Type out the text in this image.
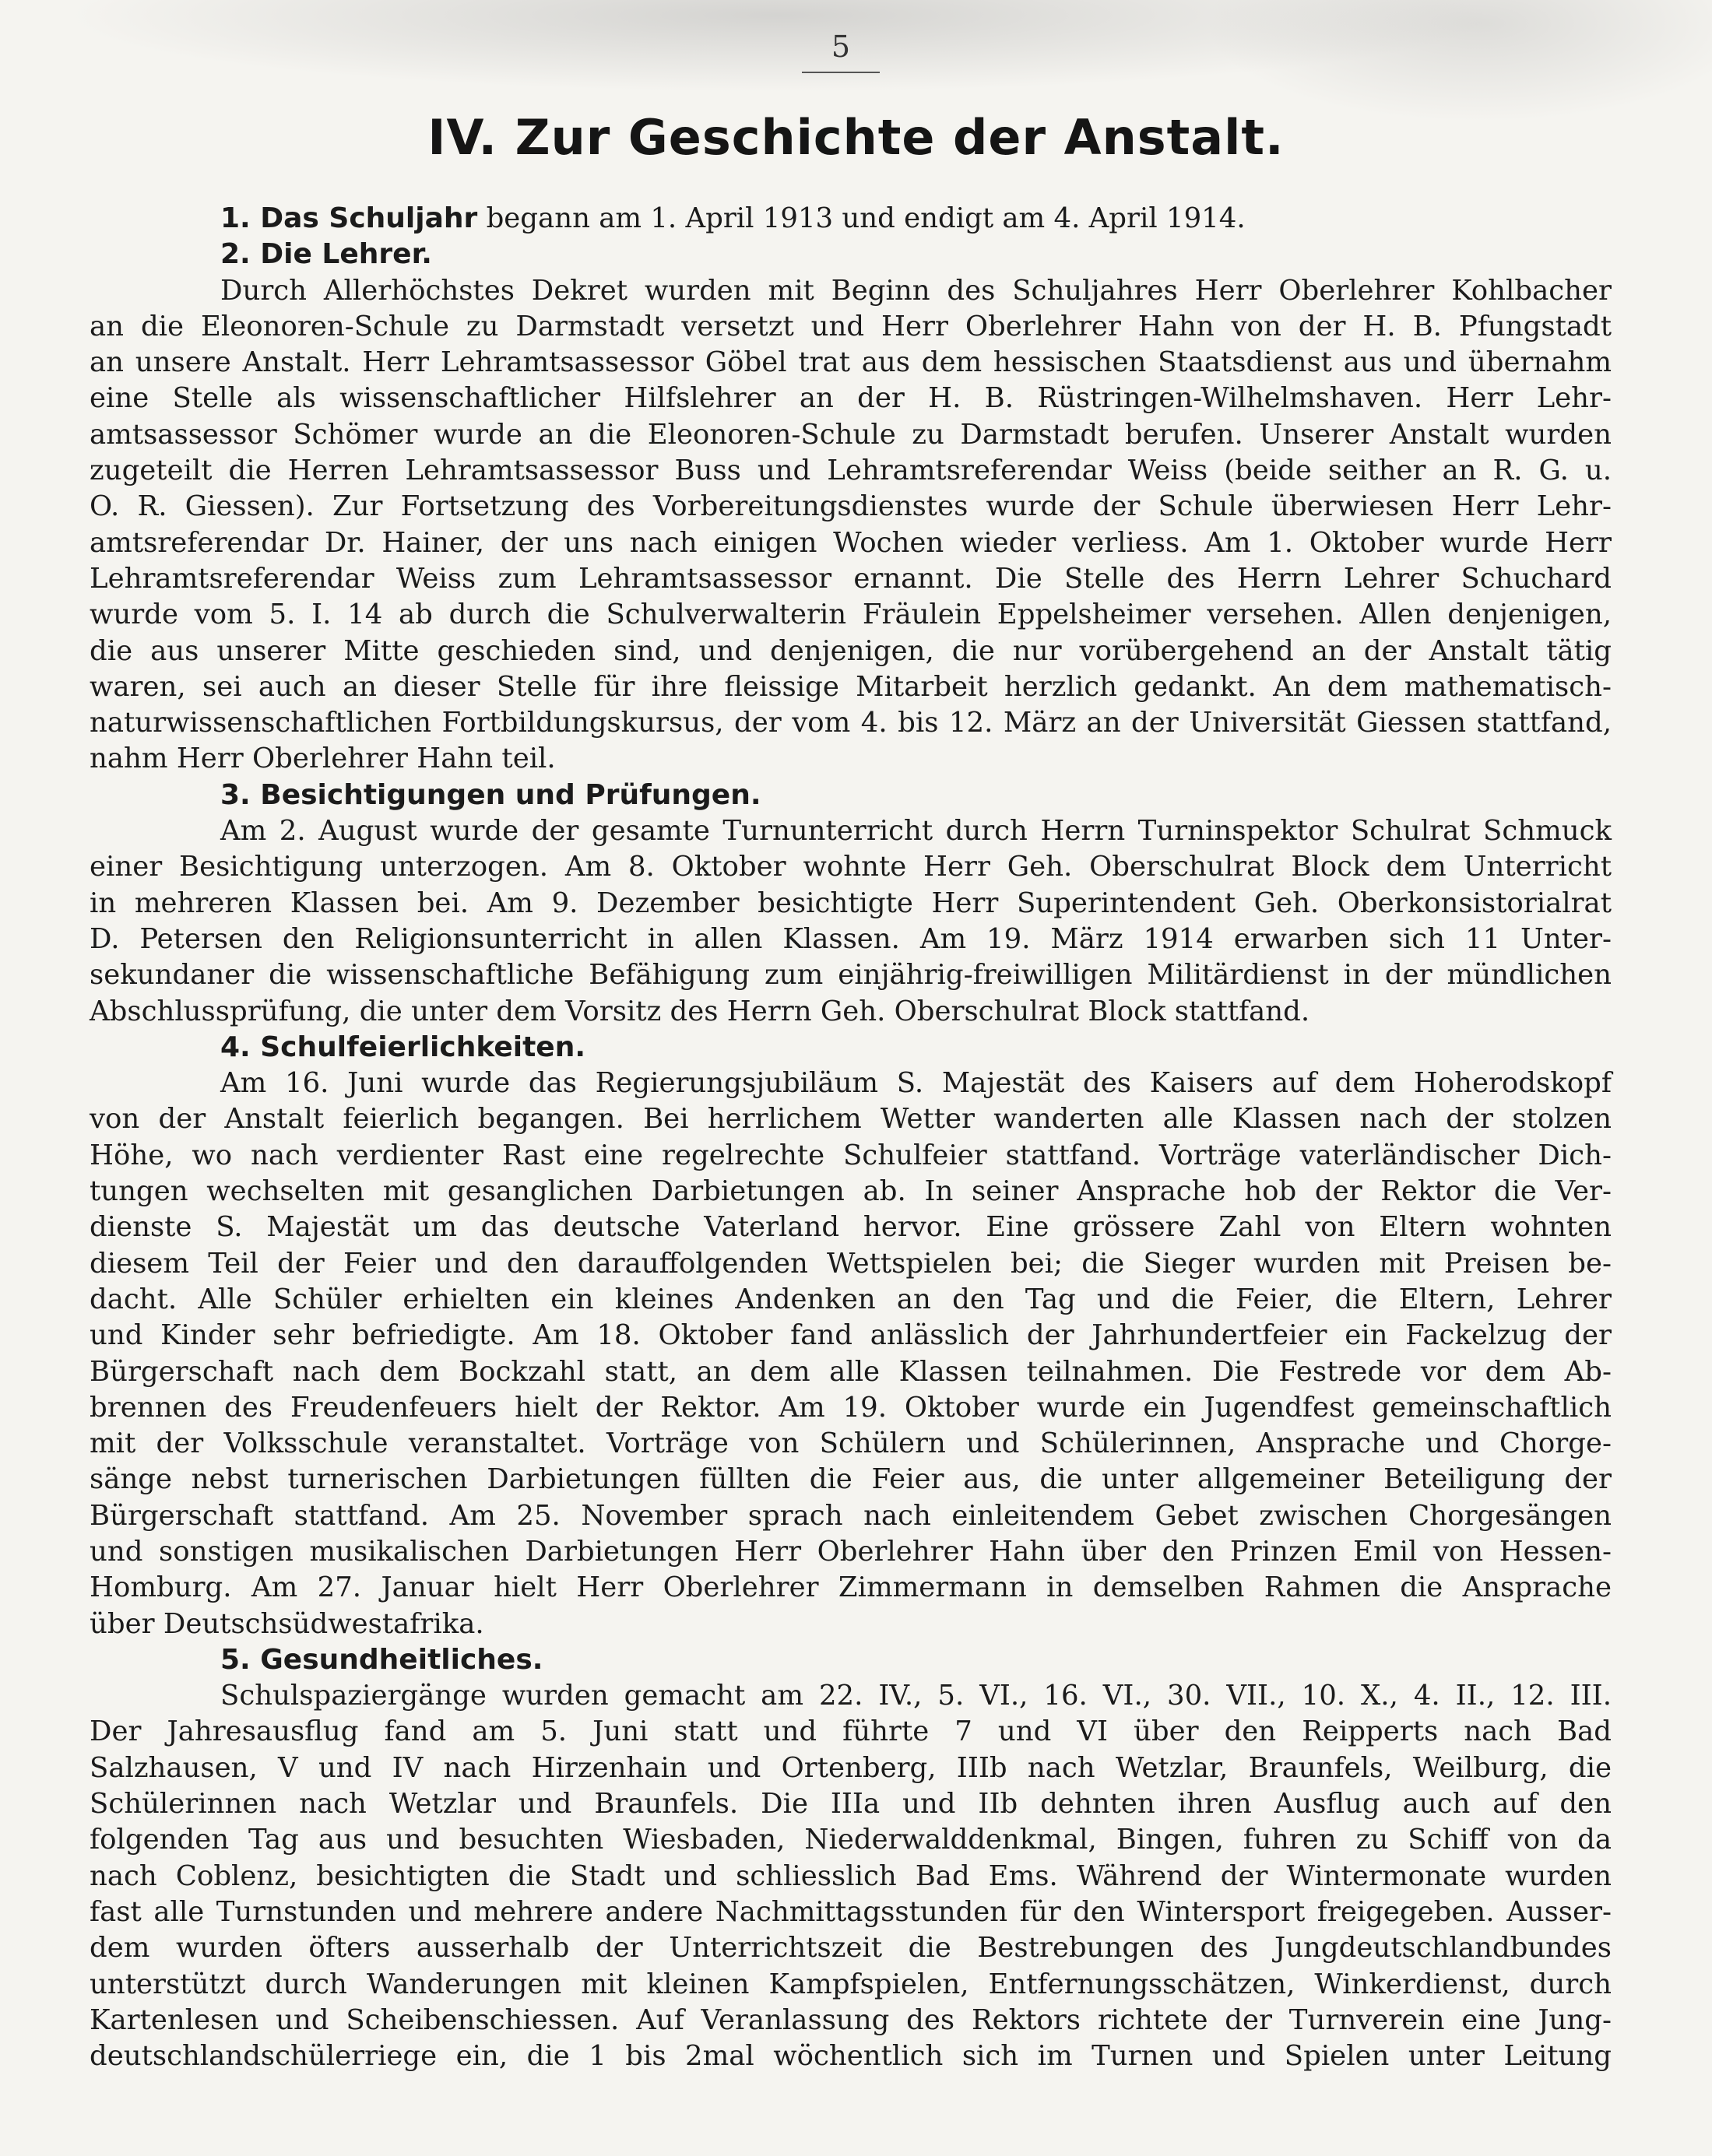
5
IV. Zur Geschichte der Anstalt.
1. Das Schuljahr begann am 1. April 1913 und endigt am 4. April 1914.
2. Die Lehrer.
Durch Allerhöchstes Dekret wurden mit Beginn des Schuljahres Herr Oberlehrer Kohlbacher
an die Eleonoren-Schule zu Darmstadt versetzt und Herr Oberlehrer Hahn von der H. B. Pfungstadt
an unsere Anstalt. Herr Lehramtsassessor Göbel trat aus dem hessischen Staatsdienst aus und übernahm
eine Stelle als wissenschaftlicher Hilfslehrer an der H. B. Rüstringen-Wilhelmshaven. Herr Lehr-
amtsassessor Schömer wurde an die Eleonoren-Schule zu Darmstadt berufen. Unserer Anstalt wurden
zugeteilt die Herren Lehramtsassessor Buss und Lehramtsreferendar Weiss (beide seither an R. G. u.
O. R. Giessen). Zur Fortsetzung des Vorbereitungsdienstes wurde der Schule überwiesen Herr Lehr-
amtsreferendar Dr. Hainer, der uns nach einigen Wochen wieder verliess. Am 1. Oktober wurde Herr
Lehramtsreferendar Weiss zum Lehramtsassessor ernannt. Die Stelle des Herrn Lehrer Schuchard
wurde vom 5. I. 14 ab durch die Schulverwalterin Fräulein Eppelsheimer versehen. Allen denjenigen,
die aus unserer Mitte geschieden sind, und denjenigen, die nur vorübergehend an der Anstalt tätig
waren, sei auch an dieser Stelle für ihre fleissige Mitarbeit herzlich gedankt. An dem mathematisch-
naturwissenschaftlichen Fortbildungskursus, der vom 4. bis 12. März an der Universität Giessen stattfand,
nahm Herr Oberlehrer Hahn teil.
3. Besichtigungen und Prüfungen.
Am 2. August wurde der gesamte Turnunterricht durch Herrn Turninspektor Schulrat Schmuck
einer Besichtigung unterzogen. Am 8. Oktober wohnte Herr Geh. Oberschulrat Block dem Unterricht
in mehreren Klassen bei. Am 9. Dezember besichtigte Herr Superintendent Geh. Oberkonsistorialrat
D. Petersen den Religionsunterricht in allen Klassen. Am 19. März 1914 erwarben sich 11 Unter-
sekundaner die wissenschaftliche Befähigung zum einjährig-freiwilligen Militärdienst in der mündlichen
Abschlussprüfung, die unter dem Vorsitz des Herrn Geh. Oberschulrat Block stattfand.
4. Schulfeierlichkeiten.
Am 16. Juni wurde das Regierungsjubiläum S. Majestät des Kaisers auf dem Hoherodskopf
von der Anstalt feierlich begangen. Bei herrlichem Wetter wanderten alle Klassen nach der stolzen
Höhe, wo nach verdienter Rast eine regelrechte Schulfeier stattfand. Vorträge vaterländischer Dich-
tungen wechselten mit gesanglichen Darbietungen ab. In seiner Ansprache hob der Rektor die Ver-
dienste S. Majestät um das deutsche Vaterland hervor. Eine grössere Zahl von Eltern wohnten
diesem Teil der Feier und den darauffolgenden Wettspielen bei; die Sieger wurden mit Preisen be-
dacht. Alle Schüler erhielten ein kleines Andenken an den Tag und die Feier, die Eltern, Lehrer
und Kinder sehr befriedigte. Am 18. Oktober fand anlässlich der Jahrhundertfeier ein Fackelzug der
Bürgerschaft nach dem Bockzahl statt, an dem alle Klassen teilnahmen. Die Festrede vor dem Ab-
brennen des Freudenfeuers hielt der Rektor. Am 19. Oktober wurde ein Jugendfest gemeinschaftlich
mit der Volksschule veranstaltet. Vorträge von Schülern und Schülerinnen, Ansprache und Chorge-
sänge nebst turnerischen Darbietungen füllten die Feier aus, die unter allgemeiner Beteiligung der
Bürgerschaft stattfand. Am 25. November sprach nach einleitendem Gebet zwischen Chorgesängen
und sonstigen musikalischen Darbietungen Herr Oberlehrer Hahn über den Prinzen Emil von Hessen-
Homburg. Am 27. Januar hielt Herr Oberlehrer Zimmermann in demselben Rahmen die Ansprache
über Deutschsüdwestafrika.
5. Gesundheitliches.
Schulspaziergänge wurden gemacht am 22. IV., 5. VI., 16. VI., 30. VII., 10. X., 4. II., 12. III.
Der Jahresausflug fand am 5. Juni statt und führte 7 und VI über den Reipperts nach Bad
Salzhausen, V und IV nach Hirzenhain und Ortenberg, IIIb nach Wetzlar, Braunfels, Weilburg, die
Schülerinnen nach Wetzlar und Braunfels. Die IIIa und IIb dehnten ihren Ausflug auch auf den
folgenden Tag aus und besuchten Wiesbaden, Niederwalddenkmal, Bingen, fuhren zu Schiff von da
nach Coblenz, besichtigten die Stadt und schliesslich Bad Ems. Während der Wintermonate wurden
fast alle Turnstunden und mehrere andere Nachmittagsstunden für den Wintersport freigegeben. Ausser-
dem wurden öfters ausserhalb der Unterrichtszeit die Bestrebungen des Jungdeutschlandbundes
unterstützt durch Wanderungen mit kleinen Kampfspielen, Entfernungsschätzen, Winkerdienst, durch
Kartenlesen und Scheibenschiessen. Auf Veranlassung des Rektors richtete der Turnverein eine Jung-
deutschlandschülerriege ein, die 1 bis 2mal wöchentlich sich im Turnen und Spielen unter Leitung
